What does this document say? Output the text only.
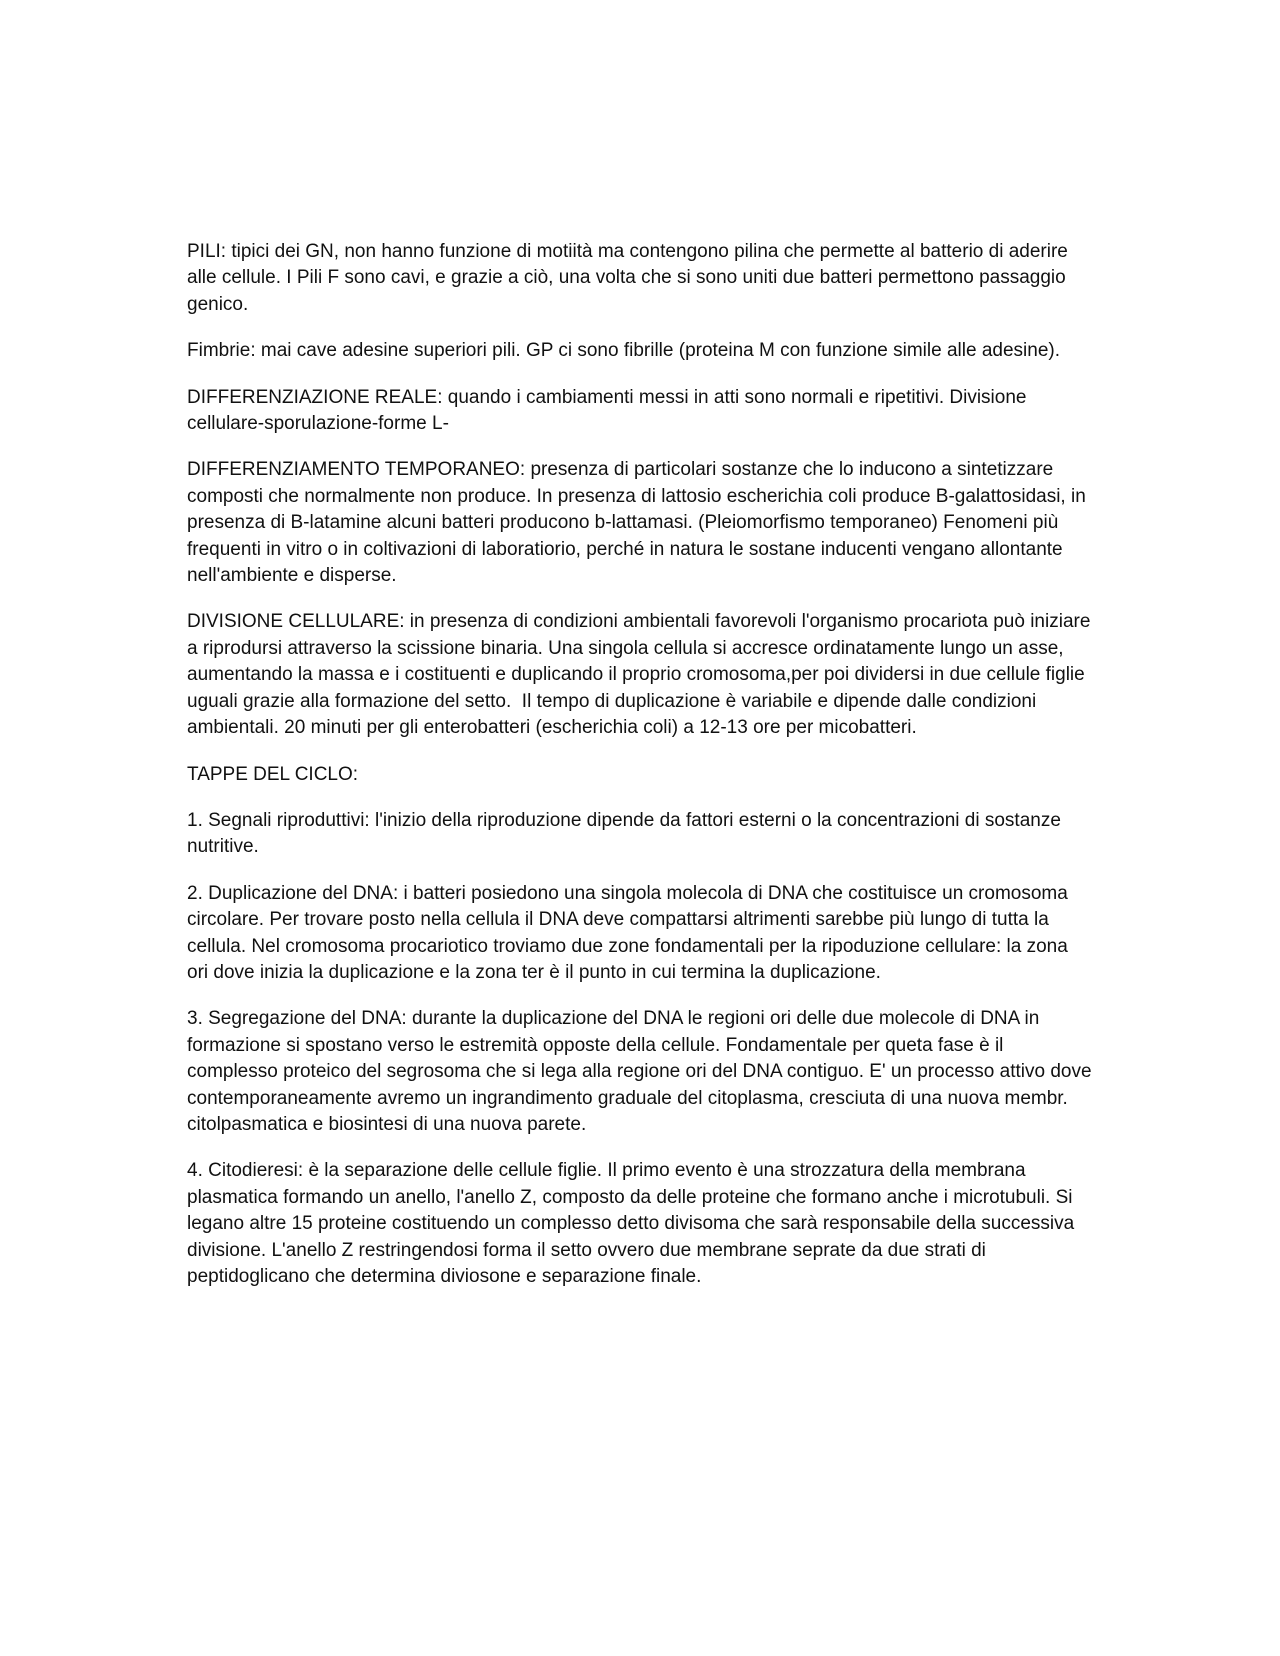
PILI: tipici dei GN, non hanno funzione di motiità ma contengono pilina che permette al batterio di aderire alle cellule. I Pili F sono cavi, e grazie a ciò, una volta che si sono uniti due batteri permettono passaggio genico.

Fimbrie: mai cave adesine superiori pili. GP ci sono fibrille (proteina M con funzione simile alle adesine).

DIFFERENZIAZIONE REALE: quando i cambiamenti messi in atti sono normali e ripetitivi. Divisione cellulare-sporulazione-forme L-

DIFFERENZIAMENTO TEMPORANEO: presenza di particolari sostanze che lo inducono a sintetizzare composti che normalmente non produce. In presenza di lattosio escherichia coli produce B-galattosidasi, in presenza di B-latamine alcuni batteri producono b-lattamasi. (Pleiomorfismo temporaneo) Fenomeni più frequenti in vitro o in coltivazioni di laboratiorio, perché in natura le sostane inducenti vengano allontante nell'ambiente e disperse.

DIVISIONE CELLULARE: in presenza di condizioni ambientali favorevoli l'organismo procariota può iniziare a riprodursi attraverso la scissione binaria. Una singola cellula si accresce ordinatamente lungo un asse, aumentando la massa e i costituenti e duplicando il proprio cromosoma,per poi dividersi in due cellule figlie uguali grazie alla formazione del setto.  Il tempo di duplicazione è variabile e dipende dalle condizioni ambientali. 20 minuti per gli enterobatteri (escherichia coli) a 12-13 ore per micobatteri.

TAPPE DEL CICLO:

1. Segnali riproduttivi: l'inizio della riproduzione dipende da fattori esterni o la concentrazioni di sostanze nutritive.

2. Duplicazione del DNA: i batteri posiedono una singola molecola di DNA che costituisce un cromosoma circolare. Per trovare posto nella cellula il DNA deve compattarsi altrimenti sarebbe più lungo di tutta la cellula. Nel cromosoma procariotico troviamo due zone fondamentali per la ripoduzione cellulare: la zona ori dove inizia la duplicazione e la zona ter è il punto in cui termina la duplicazione.

3. Segregazione del DNA: durante la duplicazione del DNA le regioni ori delle due molecole di DNA in formazione si spostano verso le estremità opposte della cellule. Fondamentale per queta fase è il complesso proteico del segrosoma che si lega alla regione ori del DNA contiguo. E' un processo attivo dove contemporaneamente avremo un ingrandimento graduale del citoplasma, cresciuta di una nuova membr. citolpasmatica e biosintesi di una nuova parete.

4. Citodieresi: è la separazione delle cellule figlie. Il primo evento è una strozzatura della membrana plasmatica formando un anello, l'anello Z, composto da delle proteine che formano anche i microtubuli. Si legano altre 15 proteine costituendo un complesso detto divisoma che sarà responsabile della successiva divisione. L'anello Z restringendosi forma il setto ovvero due membrane seprate da due strati di peptidoglicano che determina diviosone e separazione finale.
